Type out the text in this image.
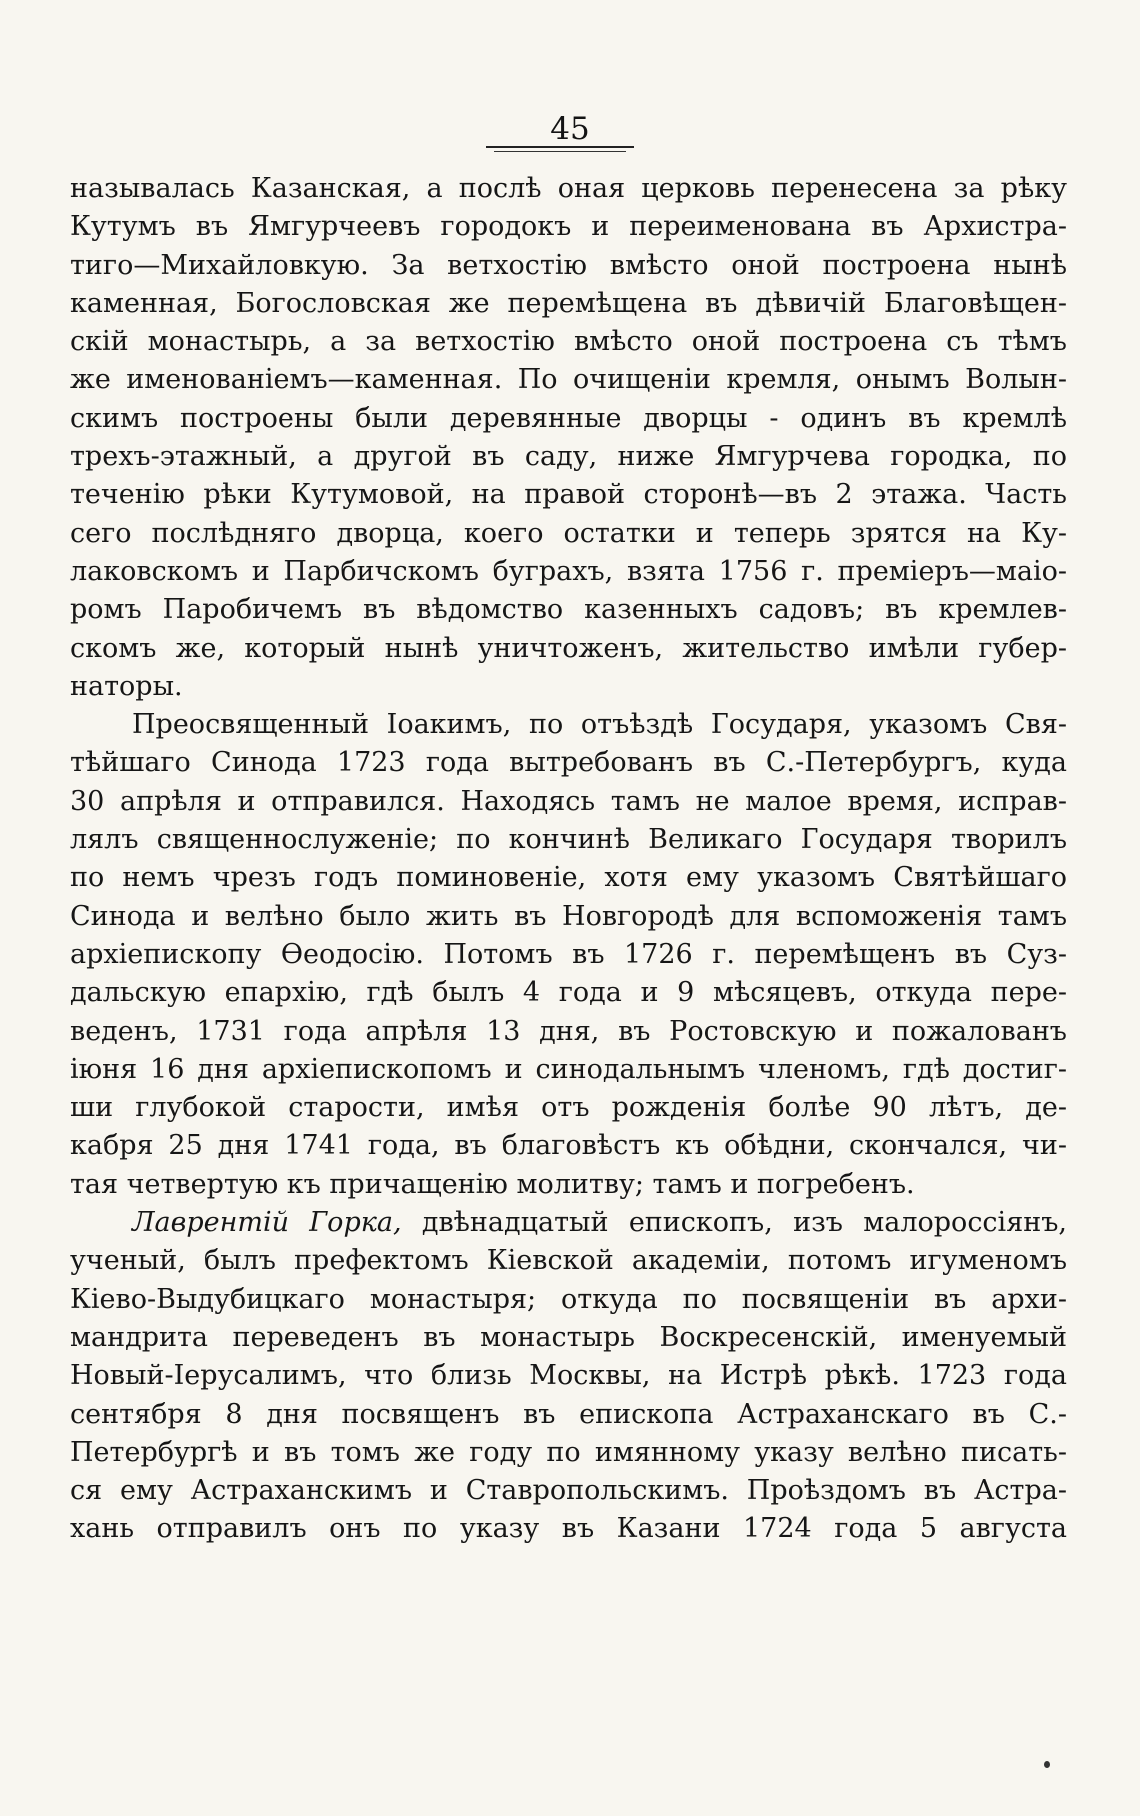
45
называлась Казанская, а послѣ оная церковь перенесена за рѣку
Кутумъ въ Ямгурчеевъ городокъ и переименована въ Архистра-
тиго—Михайловкую. За ветхостію вмѣсто оной построена нынѣ
каменная, Богословская же перемѣщена въ дѣвичій Благовѣщен-
скій монастырь, а за ветхостію вмѣсто оной построена съ тѣмъ
же именованіемъ—каменная. По очищеніи кремля, онымъ Волын-
скимъ построены были деревянные дворцы - одинъ въ кремлѣ
трехъ-этажный, а другой въ саду, ниже Ямгурчева городка, по
теченію рѣки Кутумовой, на правой сторонѣ—въ 2 этажа. Часть
сего послѣдняго дворца, коего остатки и теперь зрятся на Ку-
лаковскомъ и Парбичскомъ буграхъ, взята 1756 г. премiеръ—маiо-
ромъ Паробичемъ въ вѣдомство казенныхъ садовъ; въ кремлев-
скомъ же, который нынѣ уничтоженъ, жительство имѣли губер-
наторы.
Преосвященный Іоакимъ, по отъѣздѣ Государя, указомъ Свя-
тѣйшаго Синода 1723 года вытребованъ въ С.-Петербургъ, куда
30 апрѣля и отправился. Находясь тамъ не малое время, исправ-
лялъ священнослуженіе; по кончинѣ Великаго Государя творилъ
по немъ чрезъ годъ поминовеніе, хотя ему указомъ Святѣйшаго
Синода и велѣно было жить въ Новгородѣ для вспоможенія тамъ
архіепископу Ѳеодосію. Потомъ въ 1726 г. перемѣщенъ въ Суз-
дальскую епархію, гдѣ былъ 4 года и 9 мѣсяцевъ, откуда пере-
веденъ, 1731 года апрѣля 13 дня, въ Ростовскую и пожалованъ
іюня 16 дня архіепископомъ и синодальнымъ членомъ, гдѣ достиг-
ши глубокой старости, имѣя отъ рожденія болѣе 90 лѣтъ, де-
кабря 25 дня 1741 года, въ благовѣстъ къ обѣдни, скончался, чи-
тая четвертую къ причащенію молитву; тамъ и погребенъ.
Лаврентій Горка, двѣнадцатый епископъ, изъ малороссіянъ,
ученый, былъ префектомъ Кіевской академіи, потомъ игуменомъ
Кіево-Выдубицкаго монастыря; откуда по посвященіи въ архи-
мандрита переведенъ въ монастырь Воскресенскій, именуемый
Новый-Іерусалимъ, что близь Москвы, на Истрѣ рѣкѣ. 1723 года
сентября 8 дня посвященъ въ епископа Астраханскаго въ С.-
Петербургѣ и въ томъ же году по имянному указу велѣно писать-
ся ему Астраханскимъ и Ставропольскимъ. Проѣздомъ въ Астра-
хань отправилъ онъ по указу въ Казани 1724 года 5 августа
